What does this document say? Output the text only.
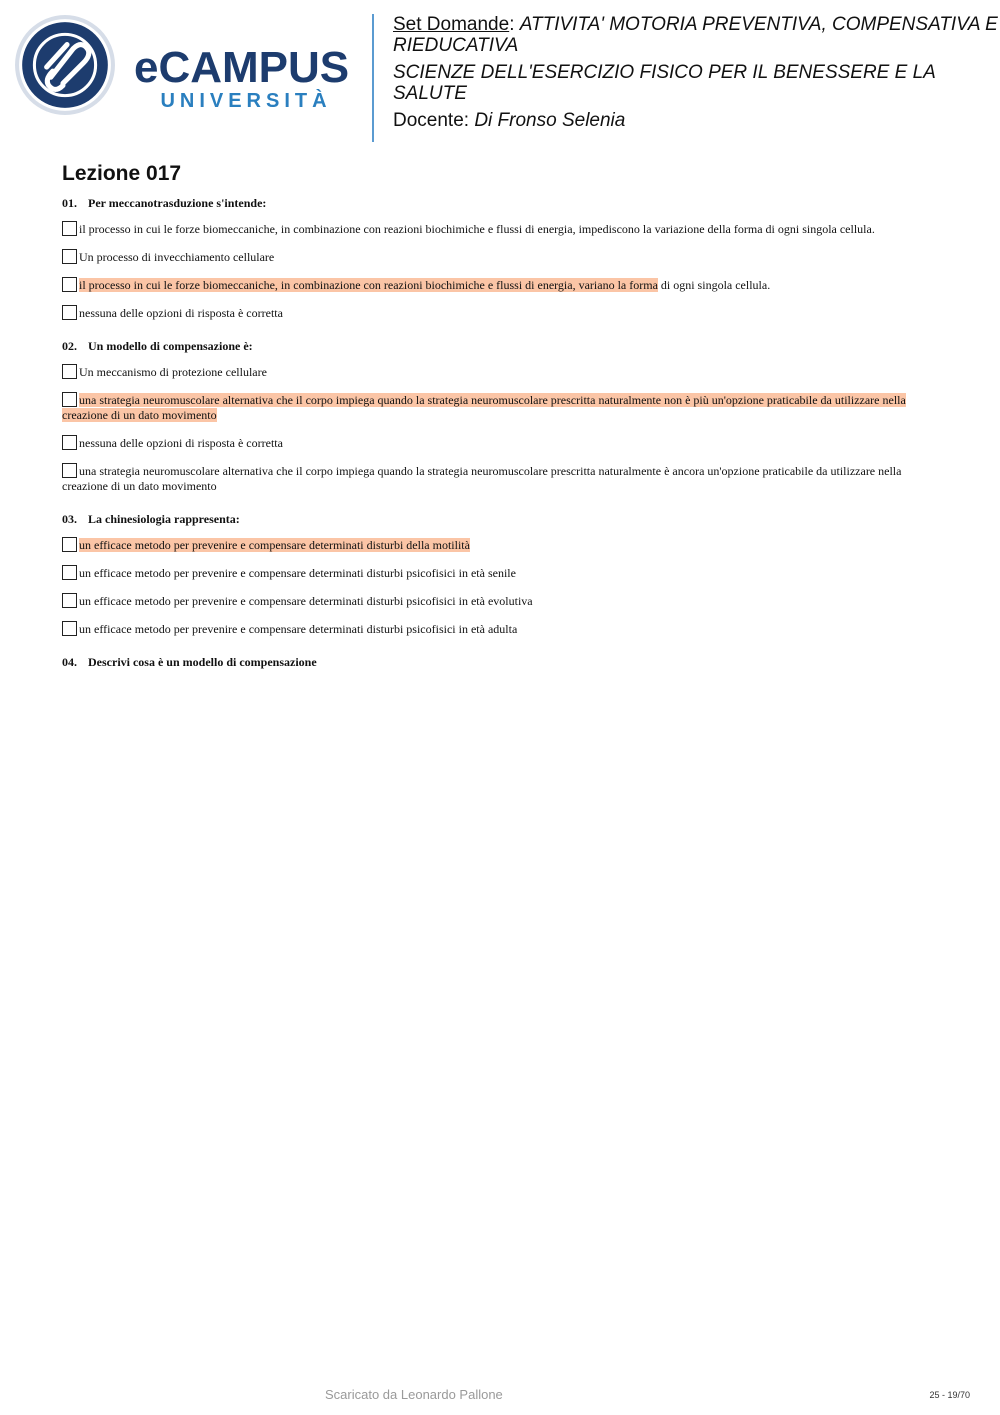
eCAMPUS
UNIVERSITÀ
Set Domande: ATTIVITA' MOTORIA PREVENTIVA, COMPENSATIVA E
RIEDUCATIVA
SCIENZE DELL'ESERCIZIO FISICO PER IL BENESSERE E LA
SALUTE
Docente: Di Fronso Selenia
Lezione 017
01. Per meccanotrasduzione s'intende:
il processo in cui le forze biomeccaniche, in combinazione con reazioni biochimiche e flussi di energia, impediscono la variazione della forma di ogni singola cellula.
Un processo di invecchiamento cellulare
il processo in cui le forze biomeccaniche, in combinazione con reazioni biochimiche e flussi di energia, variano la forma di ogni singola cellula.
nessuna delle opzioni di risposta è corretta
02. Un modello di compensazione è:
Un meccanismo di protezione cellulare
una strategia neuromuscolare alternativa che il corpo impiega quando la strategia neuromuscolare prescritta naturalmente non è più un'opzione praticabile da utilizzare nella creazione di un dato movimento
nessuna delle opzioni di risposta è corretta
una strategia neuromuscolare alternativa che il corpo impiega quando la strategia neuromuscolare prescritta naturalmente è ancora un'opzione praticabile da utilizzare nella creazione di un dato movimento
03. La chinesiologia rappresenta:
un efficace metodo per prevenire e compensare determinati disturbi della motilità
un efficace metodo per prevenire e compensare determinati disturbi psicofisici in età senile
un efficace metodo per prevenire e compensare determinati disturbi psicofisici in età evolutiva
un efficace metodo per prevenire e compensare determinati disturbi psicofisici in età adulta
04. Descrivi cosa è un modello di compensazione
Scaricato da Leonardo Pallone	25 - 19/70
